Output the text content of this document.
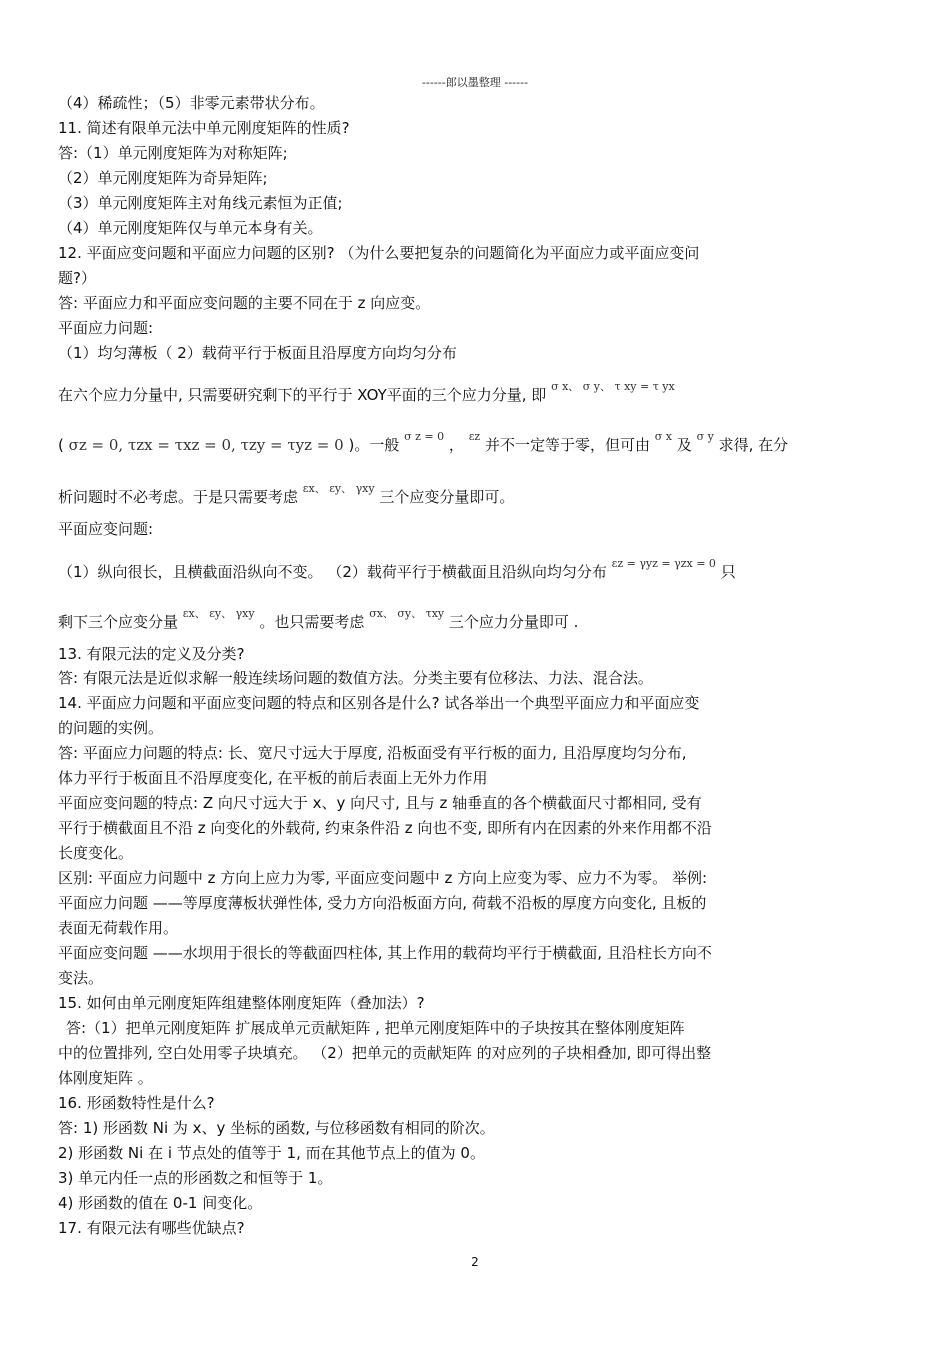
------郎以墨整理 ------
（4）稀疏性；（5）非零元素带状分布。
11. 简述有限单元法中单元刚度矩阵的性质?
答:（1）单元刚度矩阵为对称矩阵;
（2）单元刚度矩阵为奇异矩阵;
（3）单元刚度矩阵主对角线元素恒为正值;
（4）单元刚度矩阵仅与单元本身有关。
12. 平面应变问题和平面应力问题的区别? （为什么要把复杂的问题简化为平面应力或平面应变问
题?）
答: 平面应力和平面应变问题的主要不同在于 z 向应变。
平面应力问题:
（1）均匀薄板（ 2）载荷平行于板面且沿厚度方向均匀分布
在六个应力分量中, 只需要研究剩下的平行于 XOY平面的三个应力分量, 即 $^{\sigma x、 \sigma y、 \tau xy = \tau yx}$
( σz = 0, τzx = τxz = 0, τzy = τyz = 0 )。一般 $^{\sigma z = 0}$ ， $^{\varepsilon z}$ 并不一定等于零，但可由 $^{\sigma x}$ 及 $^{\sigma y}$ 求得, 在分
析问题时不必考虑。于是只需要考虑 $^{\varepsilon x、 \varepsilon y、 \gamma xy}$ 三个应变分量即可。
平面应变问题:
（1）纵向很长，且横截面沿纵向不变。 （2）载荷平行于横截面且沿纵向均匀分布 $^{\varepsilon z = \gamma yz = \gamma zx = 0}$ 只
剩下三个应变分量 $^{\varepsilon x、 \varepsilon y、 \gamma xy}$ 。也只需要考虑 $^{\sigma x、 \sigma y、 \tau xy}$ 三个应力分量即可 .
13. 有限元法的定义及分类?
答: 有限元法是近似求解一般连续场问题的数值方法。分类主要有位移法、力法、混合法。
14. 平面应力问题和平面应变问题的特点和区别各是什么? 试各举出一个典型平面应力和平面应变
的问题的实例。
答: 平面应力问题的特点: 长、宽尺寸远大于厚度, 沿板面受有平行板的面力, 且沿厚度均匀分布,
体力平行于板面且不沿厚度变化, 在平板的前后表面上无外力作用
平面应变问题的特点: Z 向尺寸远大于 x、y 向尺寸, 且与 z 轴垂直的各个横截面尺寸都相同, 受有
平行于横截面且不沿 z 向变化的外载荷, 约束条件沿 z 向也不变, 即所有内在因素的外来作用都不沿
长度变化。
区别: 平面应力问题中 z 方向上应力为零, 平面应变问题中 z 方向上应变为零、应力不为零。 举例:
平面应力问题 ——等厚度薄板状弹性体, 受力方向沿板面方向, 荷载不沿板的厚度方向变化, 且板的
表面无荷载作用。
平面应变问题 ——水坝用于很长的等截面四柱体, 其上作用的载荷均平行于横截面, 且沿柱长方向不
变法。
15. 如何由单元刚度矩阵组建整体刚度矩阵（叠加法）?
答:（1）把单元刚度矩阵 扩展成单元贡献矩阵 , 把单元刚度矩阵中的子块按其在整体刚度矩阵
中的位置排列, 空白处用零子块填充。 （2）把单元的贡献矩阵 的对应列的子块相叠加, 即可得出整
体刚度矩阵 。
16. 形函数特性是什么?
答: 1) 形函数 Ni 为 x、y 坐标的函数, 与位移函数有相同的阶次。
2) 形函数 Ni 在 i 节点处的值等于 1, 而在其他节点上的值为 0。
3) 单元内任一点的形函数之和恒等于 1。
4) 形函数的值在 0-1 间变化。
17. 有限元法有哪些优缺点?
2
